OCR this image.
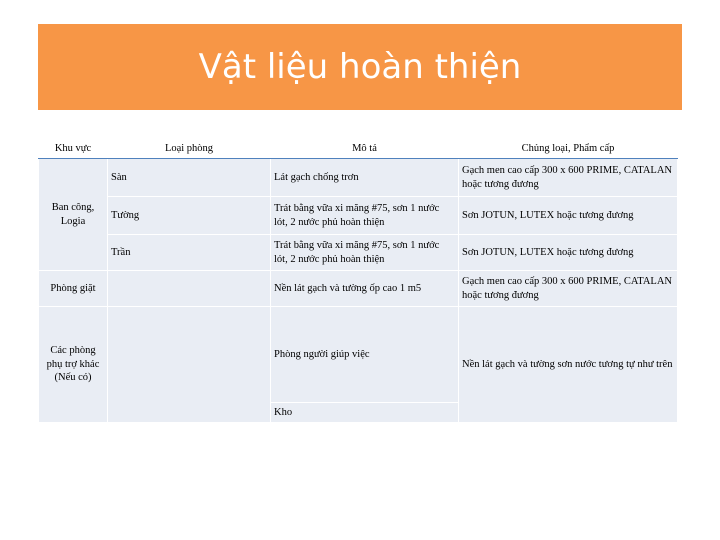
Vật liệu hoàn thiện
Khu vực	Loại phòng	Mô tả	Chủng loại, Phẩm cấp
Ban công, Logia	Sàn	Lát gạch chống trơn	Gạch men cao cấp 300 x 600 PRIME, CATALAN hoặc tương đương
	Tường	Trát bằng vữa xi măng #75, sơn 1 nước lót, 2 nước phủ hoàn thiện	Sơn JOTUN, LUTEX hoặc tương đương
	Trần	Trát bằng vữa xi măng #75, sơn 1 nước lót, 2 nước phủ hoàn thiện	Sơn JOTUN, LUTEX hoặc tương đương
Phòng giặt		Nền lát gạch và tường ốp cao 1 m5	Gạch men cao cấp 300 x 600 PRIME, CATALAN hoặc tương đương
Các phòng phụ trợ khác (Nếu có)		Phòng người giúp việc	Nền lát gạch và tường sơn nước tương tự như trên
		Kho	
